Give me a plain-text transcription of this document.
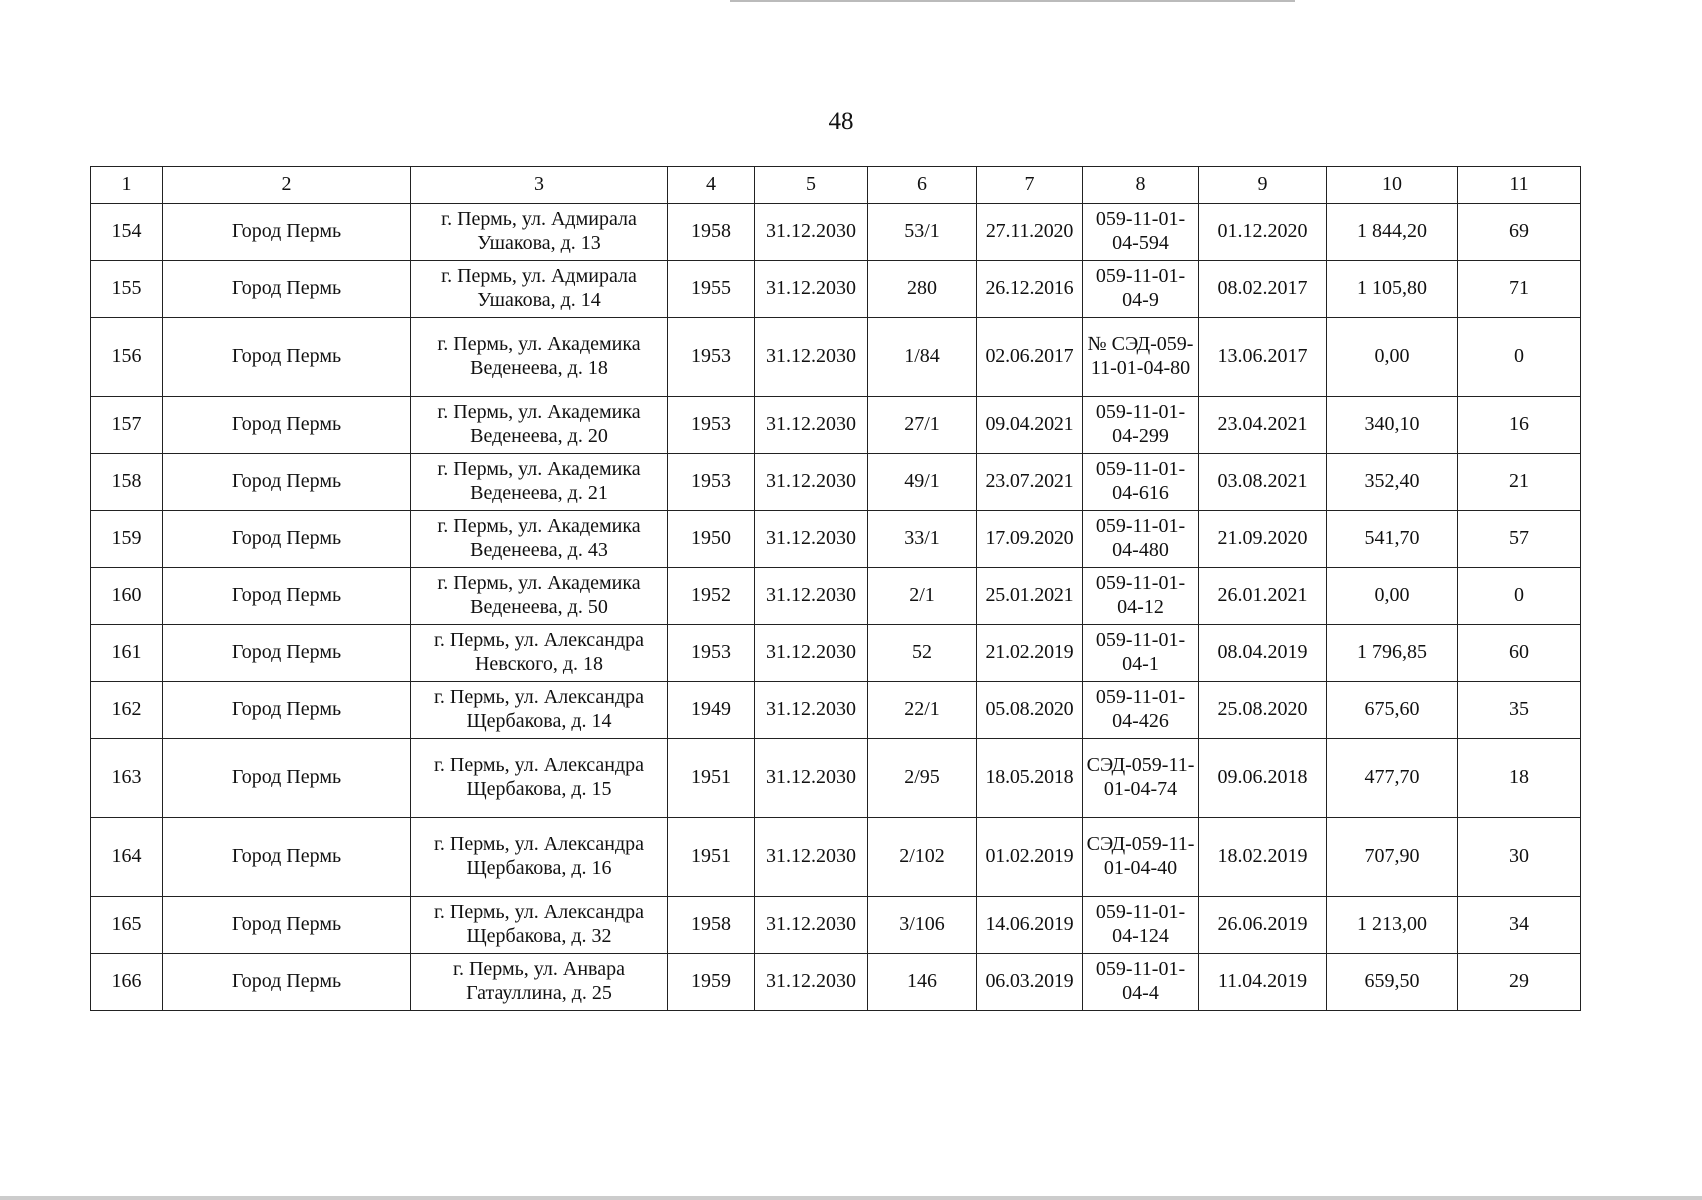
48
1	2	3	4	5	6	7	8	9	10	11
154	Город Пермь	г. Пермь, ул. Адмирала Ушакова, д. 13	1958	31.12.2030	53/1	27.11.2020	059-11-01-04-594	01.12.2020	1 844,20	69
155	Город Пермь	г. Пермь, ул. Адмирала Ушакова, д. 14	1955	31.12.2030	280	26.12.2016	059-11-01-04-9	08.02.2017	1 105,80	71
156	Город Пермь	г. Пермь, ул. Академика Веденеева, д. 18	1953	31.12.2030	1/84	02.06.2017	№ СЭД-059-11-01-04-80	13.06.2017	0,00	0
157	Город Пермь	г. Пермь, ул. Академика Веденеева, д. 20	1953	31.12.2030	27/1	09.04.2021	059-11-01-04-299	23.04.2021	340,10	16
158	Город Пермь	г. Пермь, ул. Академика Веденеева, д. 21	1953	31.12.2030	49/1	23.07.2021	059-11-01-04-616	03.08.2021	352,40	21
159	Город Пермь	г. Пермь, ул. Академика Веденеева, д. 43	1950	31.12.2030	33/1	17.09.2020	059-11-01-04-480	21.09.2020	541,70	57
160	Город Пермь	г. Пермь, ул. Академика Веденеева, д. 50	1952	31.12.2030	2/1	25.01.2021	059-11-01-04-12	26.01.2021	0,00	0
161	Город Пермь	г. Пермь, ул. Александра Невского, д. 18	1953	31.12.2030	52	21.02.2019	059-11-01-04-1	08.04.2019	1 796,85	60
162	Город Пермь	г. Пермь, ул. Александра Щербакова, д. 14	1949	31.12.2030	22/1	05.08.2020	059-11-01-04-426	25.08.2020	675,60	35
163	Город Пермь	г. Пермь, ул. Александра Щербакова, д. 15	1951	31.12.2030	2/95	18.05.2018	СЭД-059-11-01-04-74	09.06.2018	477,70	18
164	Город Пермь	г. Пермь, ул. Александра Щербакова, д. 16	1951	31.12.2030	2/102	01.02.2019	СЭД-059-11-01-04-40	18.02.2019	707,90	30
165	Город Пермь	г. Пермь, ул. Александра Щербакова, д. 32	1958	31.12.2030	3/106	14.06.2019	059-11-01-04-124	26.06.2019	1 213,00	34
166	Город Пермь	г. Пермь, ул. Анвара Гатауллина, д. 25	1959	31.12.2030	146	06.03.2019	059-11-01-04-4	11.04.2019	659,50	29
